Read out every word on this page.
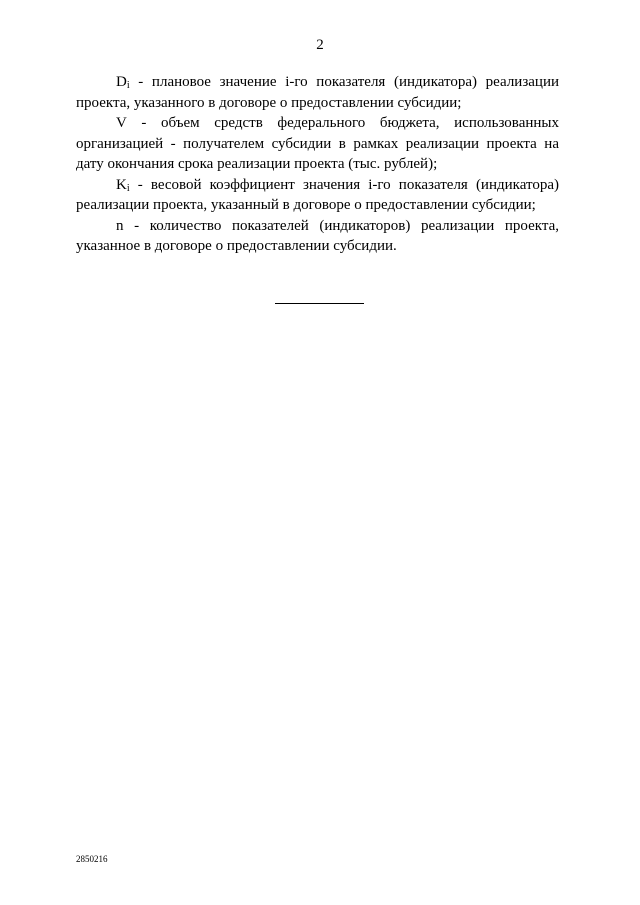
2

$D_i$ - плановое значение i-го показателя (индикатора) реализации проекта, указанного в договоре о предоставлении субсидии;

V - объем средств федерального бюджета, использованных организацией - получателем субсидии в рамках реализации проекта на дату окончания срока реализации проекта (тыс. рублей);

$K_i$ - весовой коэффициент значения i-го показателя (индикатора) реализации проекта, указанный в договоре о предоставлении субсидии;

n - количество показателей (индикаторов) реализации проекта, указанное в договоре о предоставлении субсидии.

2850216
